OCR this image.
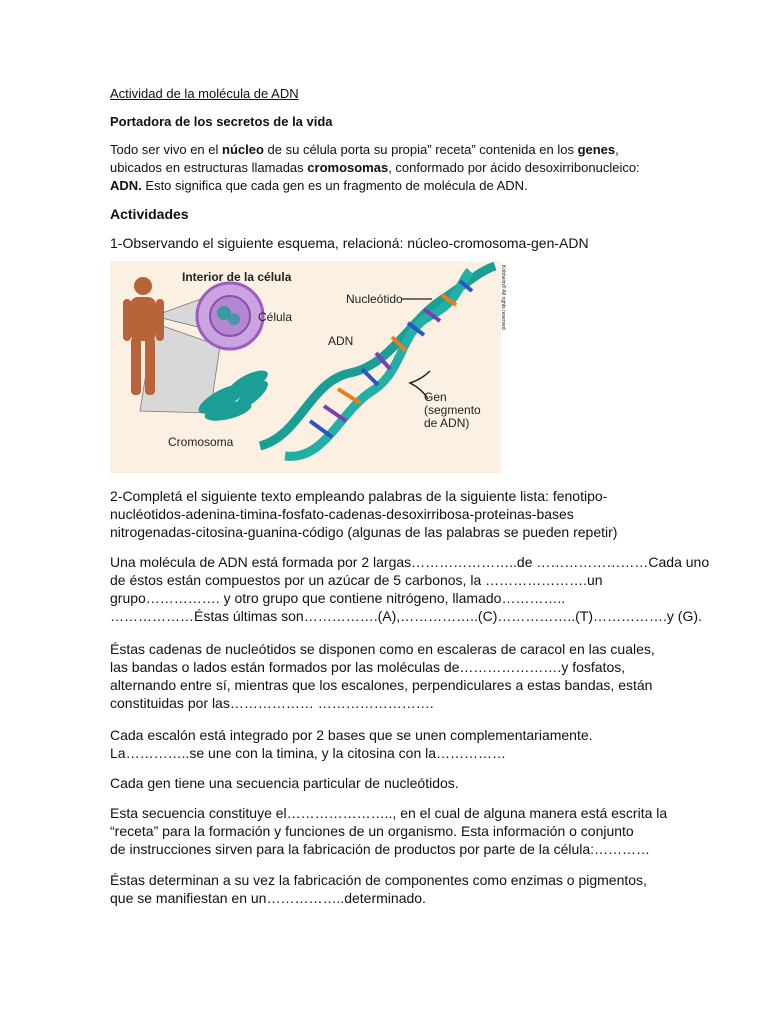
Actividad de la molécula de ADN

Portadora de los secretos de la vida

Todo ser vivo en el núcleo de su célula porta su propia” receta” contenida en los genes,

ubicados en estructuras llamadas cromosomas, conformado por ácido desoxirribonucleico:

ADN. Esto significa que cada gen es un fragmento de molécula de ADN.

Actividades

1-Observando el siguiente esquema, relacioná: núcleo-cromosoma-gen-ADN

Interior de la célula
Célula
Nucleótido
ADN
Gen
(segmento
de ADN)
Cromosoma
Kobhelm® All rights reserved.

2-Completá el siguiente texto empleando palabras de la siguiente lista: fenotipo-

nucléotidos-adenina-timina-fosfato-cadenas-desoxirribosa-proteinas-bases

nitrogenadas-citosina-guanina-código (algunas de las palabras se pueden repetir)

Una molécula de ADN está formada por 2 largas…………………..de ……………………Cada uno

de éstos están compuestos por un azúcar de 5 carbonos, la ………………….un

grupo……………. y otro grupo que contiene nitrógeno, llamado…………..

………………Éstas últimas son…………….(A),……………..(C)……………..(T)…………….y (G).

Éstas cadenas de nucleótidos se disponen como en escaleras de caracol en las cuales,

las bandas o lados están formados por las moléculas de………………….y fosfatos,

alternando entre sí, mientras que los escalones, perpendiculares a estas bandas, están

constituidas por las……………… …………………….

Cada escalón está integrado por 2 bases que se unen complementariamente.

La…………..se une con la timina, y la citosina con la……………

Cada gen tiene una secuencia particular de nucleótidos.

Esta secuencia constituye el………………….., en el cual de alguna manera está escrita la

“receta” para la formación y funciones de un organismo. Esta información o conjunto

de instrucciones sirven para la fabricación de productos por parte de la célula:…………

Éstas determinan a su vez la fabricación de componentes como enzimas o pigmentos,

que se manifiestan en un……………..determinado.
